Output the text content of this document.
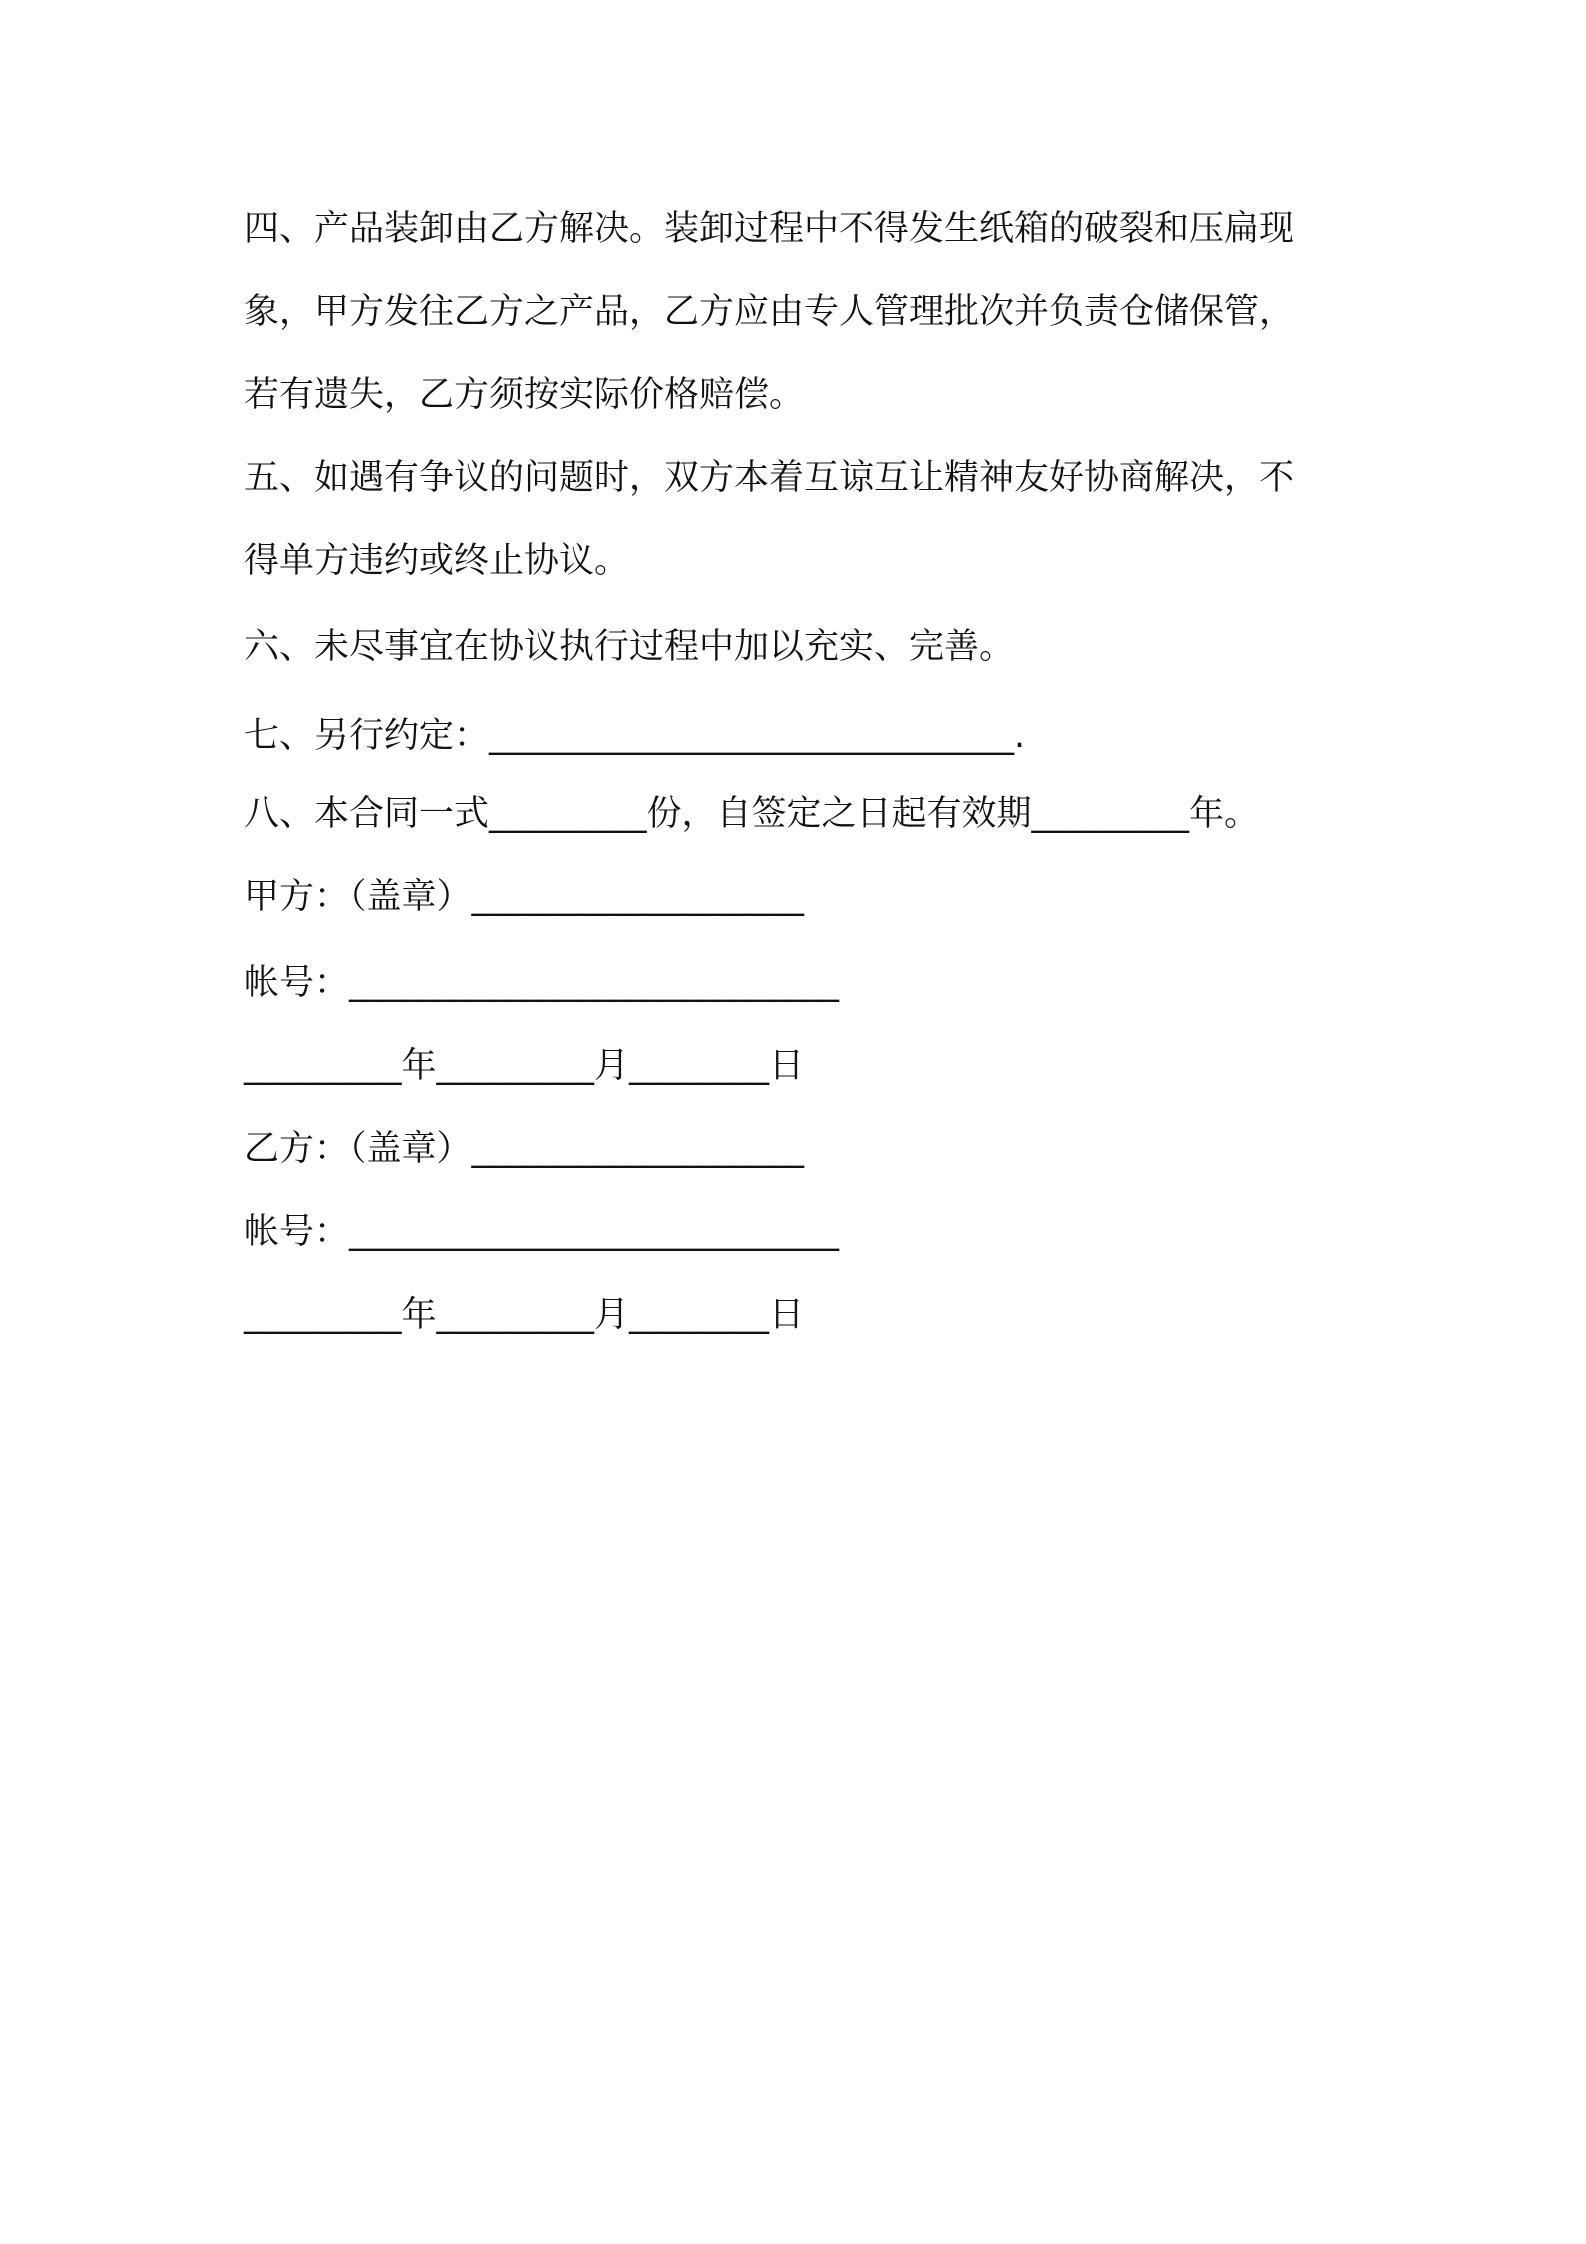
四、产品装卸由乙方解决。装卸过程中不得发生纸箱的破裂和压扁现
象，甲方发往乙方之产品，乙方应由专人管理批次并负责仓储保管，
若有遗失，乙方须按实际价格赔偿。
五、如遇有争议的问题时，双方本着互谅互让精神友好协商解决，不
得单方违约或终止协议。
六、未尽事宜在协议执行过程中加以充实、完善。
七、另行约定：______________________________.
八、本合同一式_________份，自签定之日起有效期_________年。
甲方：（盖章）___________________
帐号：____________________________
_________年_________月________日
乙方：（盖章）___________________
帐号：____________________________
_________年_________月________日
